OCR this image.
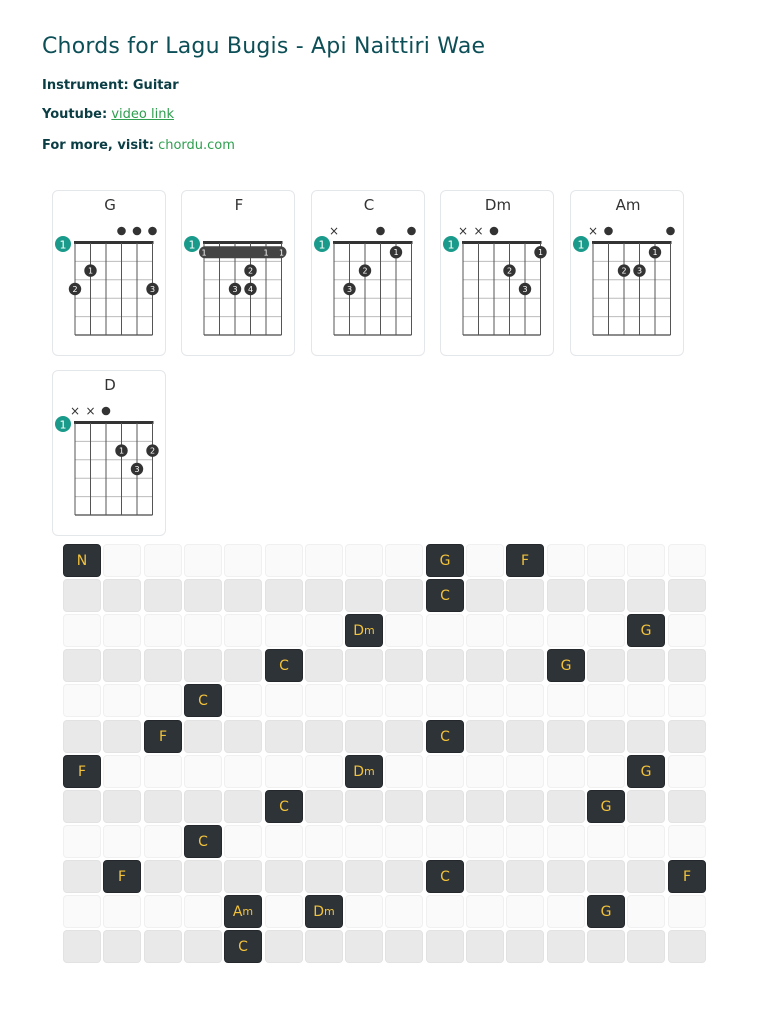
Chords for Lagu Bugis - Api Naittiri Wae
Instrument: Guitar
Youtube: video link
For more, visit: chordu.com
G
1
2
1
3
F
1
1	1 1
3 4
2
C
1
×
3
2
1
Dm
1
× ×
2
3
1
Am
1
×
2 3
1
D
1
× ×
1
3
2
N	G	F
C
D m	G
C	G
C
F	C
F	D m	G
C	G
C
F	C	F
A m	D m	G
C
